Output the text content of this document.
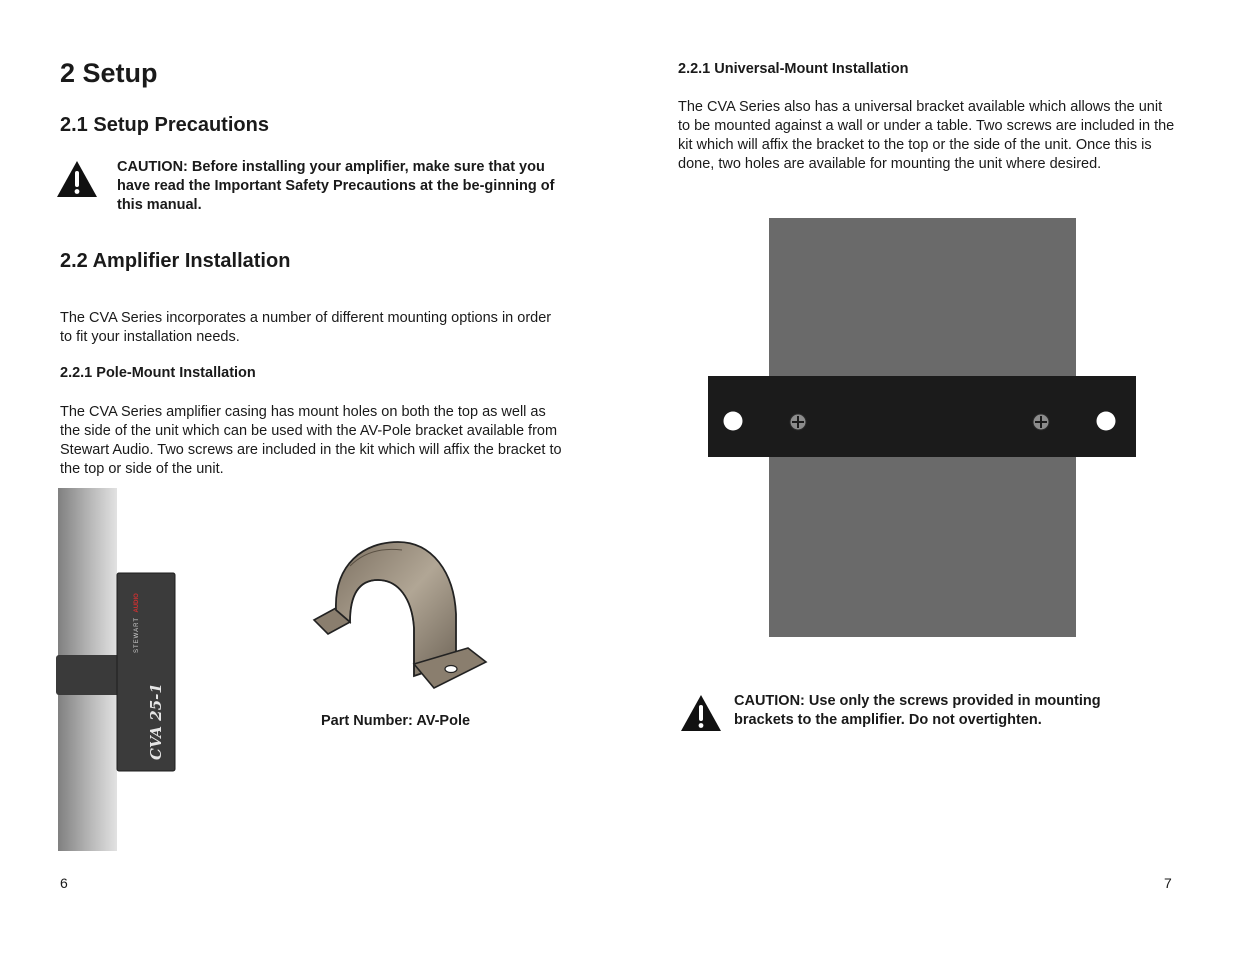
2 Setup
2.1 Setup Precautions

CAUTION: Before installing your amplifier, make sure that you have read the Important Safety Precautions at the be-ginning of this manual.

2.2 Amplifier Installation

The CVA Series incorporates a number of different mounting options in order to fit your installation needs.

2.2.1 Pole-Mount Installation

The CVA Series amplifier casing has mount holes on both the top as well as the side of the unit which can be used with the AV-Pole bracket available from Stewart Audio. Two screws are included in the kit which will affix the bracket to the top or side of the unit.

STEWART AUDIO
CVA 25-1	Part Number: AV-Pole
6
2.2.1 Universal-Mount Installation

The CVA Series also has a universal bracket available which allows the unit to be mounted against a wall or under a table. Two screws are included in the kit which will affix the bracket to the top or the side of the unit. Once this is done, two holes are available for mounting the unit where desired.

CAUTION: Use only the screws provided in mounting brackets to the amplifier. Do not overtighten.

7
